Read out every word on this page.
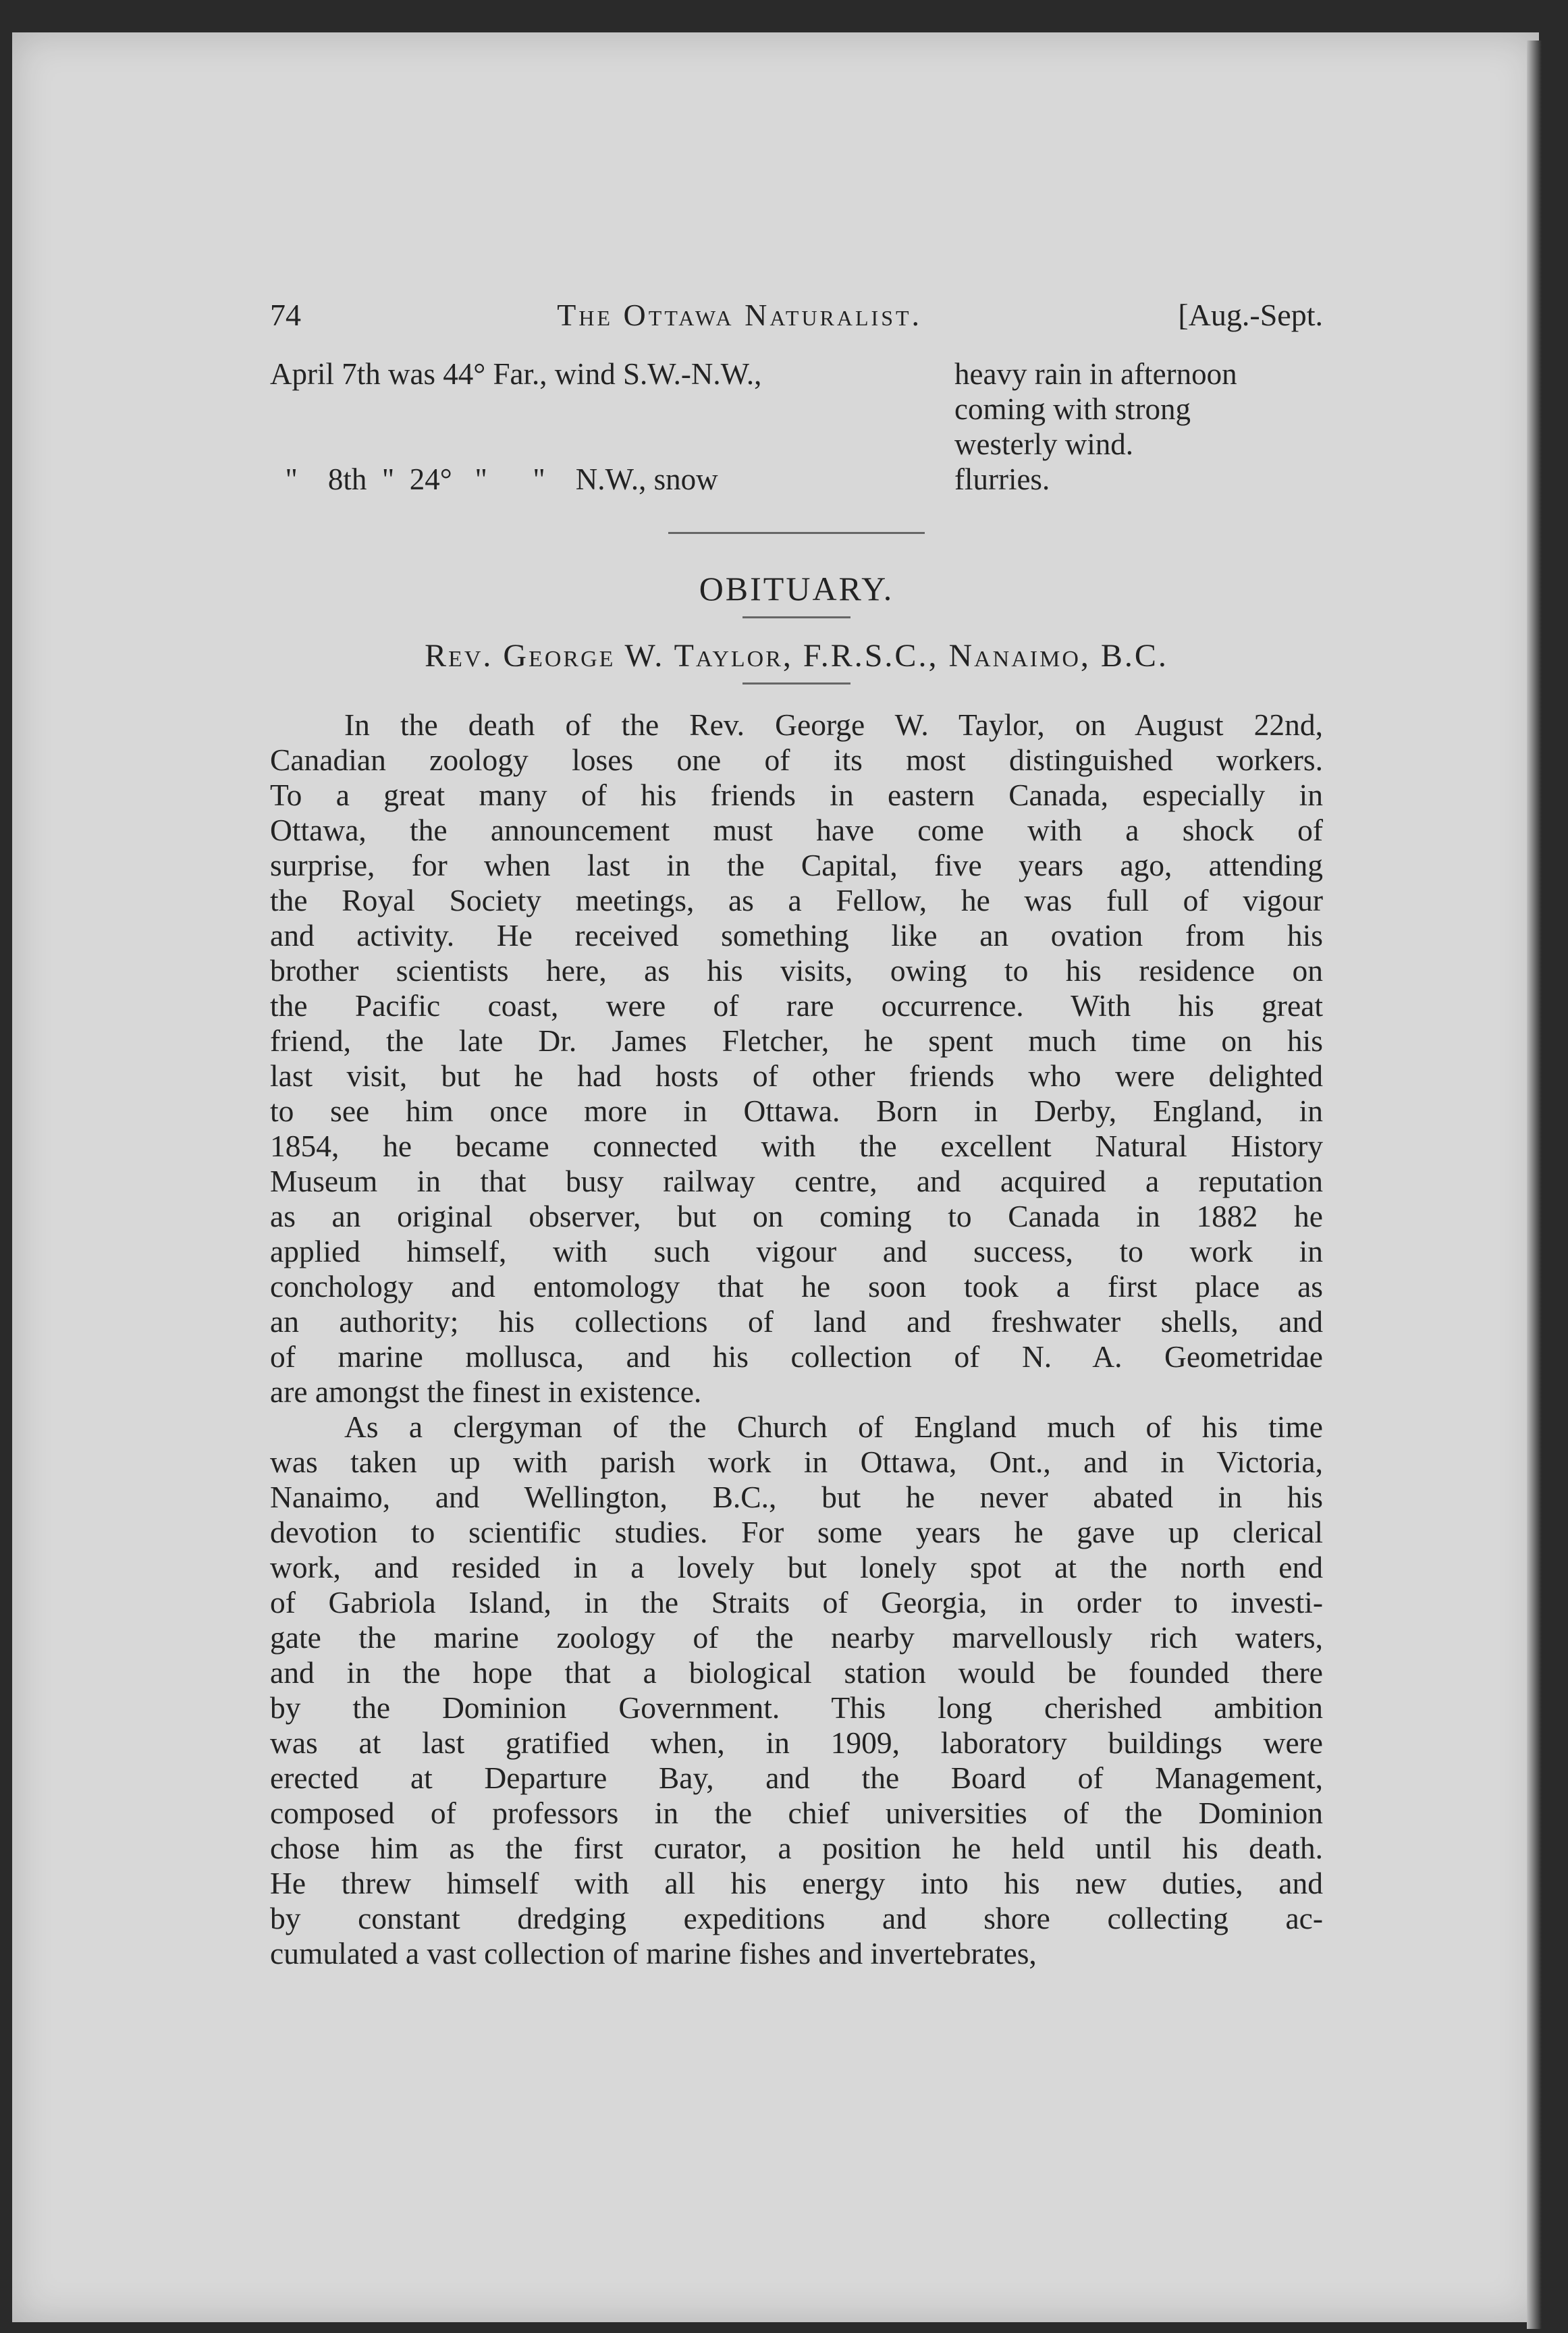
74	The Ottawa Naturalist.	[Aug.-Sept.
April 7th was 44° Far., wind S.W.-N.W.,	heavy rain in afternoon
coming with strong
westerly wind.
"    8th  "  24°   "      "    N.W., snow	flurries.
OBITUARY.
Rev. George W. Taylor, F.R.S.C., Nanaimo, B.C.
In the death of the Rev. George W. Taylor, on August 22nd,
Canadian zoology loses one of its most distinguished workers.
To a great many of his friends in eastern Canada, especially in
Ottawa, the announcement must have come with a shock of
surprise, for when last in the Capital, five years ago, attending
the Royal Society meetings, as a Fellow, he was full of vigour
and activity. He received something like an ovation from his
brother scientists here, as his visits, owing to his residence on
the Pacific coast, were of rare occurrence. With his great
friend, the late Dr. James Fletcher, he spent much time on his
last visit, but he had hosts of other friends who were delighted
to see him once more in Ottawa. Born in Derby, England, in
1854, he became connected with the excellent Natural History
Museum in that busy railway centre, and acquired a reputation
as an original observer, but on coming to Canada in 1882 he
applied himself, with such vigour and success, to work in
conchology and entomology that he soon took a first place as
an authority; his collections of land and freshwater shells, and
of marine mollusca, and his collection of N. A. Geometridae
are amongst the finest in existence.
As a clergyman of the Church of England much of his time
was taken up with parish work in Ottawa, Ont., and in Victoria,
Nanaimo, and Wellington, B.C., but he never abated in his
devotion to scientific studies. For some years he gave up clerical
work, and resided in a lovely but lonely spot at the north end
of Gabriola Island, in the Straits of Georgia, in order to investi-
gate the marine zoology of the nearby marvellously rich waters,
and in the hope that a biological station would be founded there
by the Dominion Government. This long cherished ambition
was at last gratified when, in 1909, laboratory buildings were
erected at Departure Bay, and the Board of Management,
composed of professors in the chief universities of the Dominion
chose him as the first curator, a position he held until his death.
He threw himself with all his energy into his new duties, and
by constant dredging expeditions and shore collecting ac-
cumulated a vast collection of marine fishes and invertebrates,
